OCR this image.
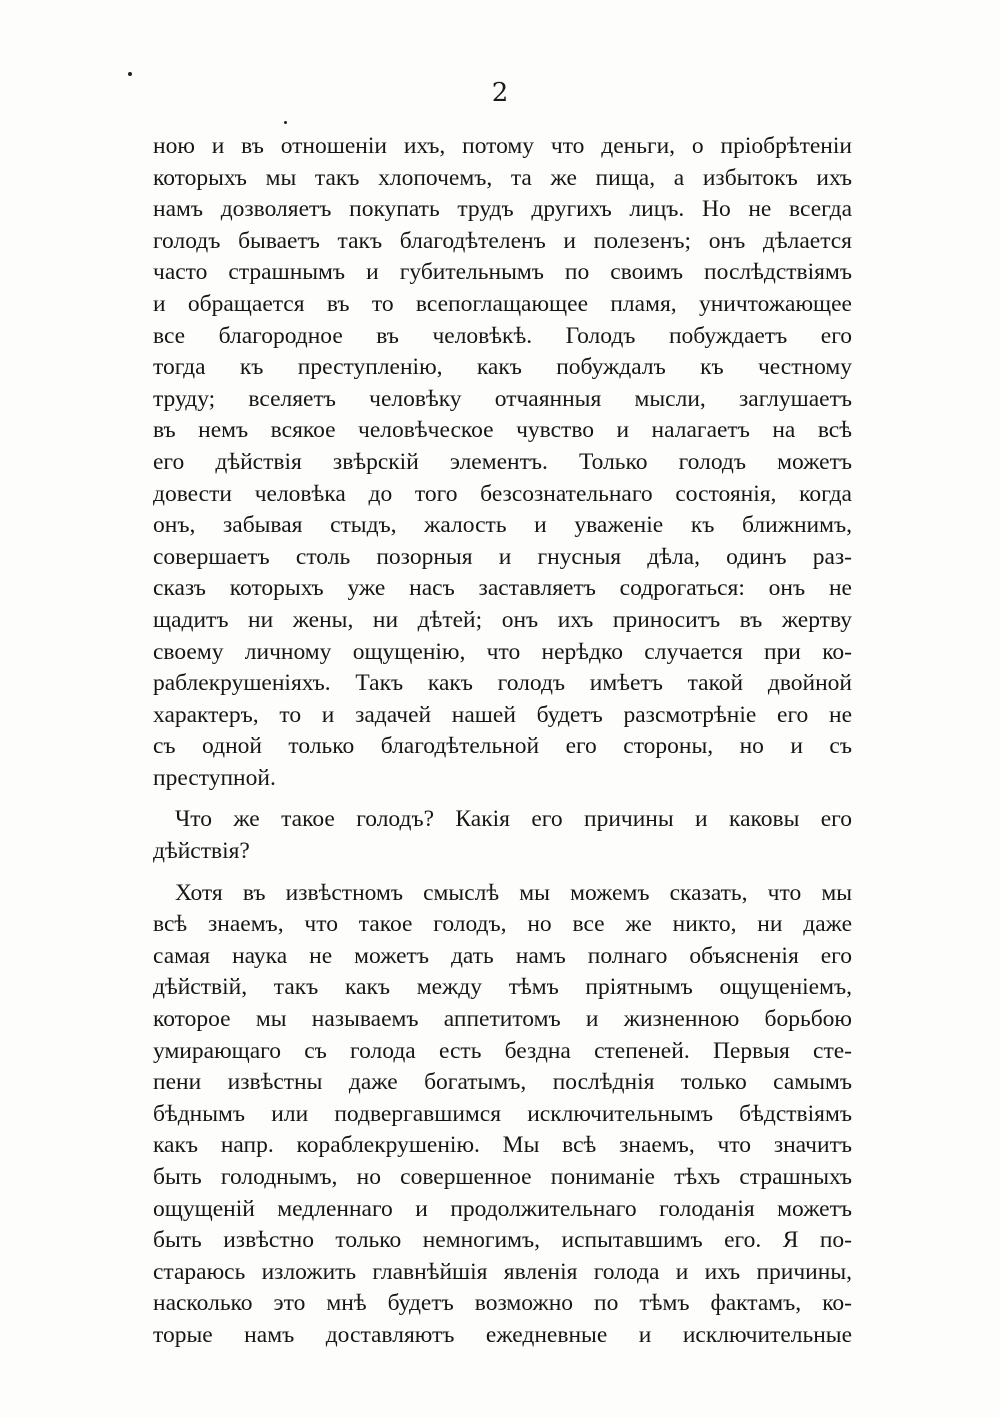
2
ною и въ отношеніи ихъ, потому что деньги, о пріобрѣтеніи
которыхъ мы такъ хлопочемъ, та же пища, а избытокъ ихъ
намъ дозволяетъ покупать трудъ другихъ лицъ. Но не всегда
голодъ бываетъ такъ благодѣтеленъ и полезенъ; онъ дѣлается
часто страшнымъ и губительнымъ по своимъ послѣдствіямъ
и обращается въ то всепоглащающее пламя, уничтожающее
все благородное въ человѣкѣ. Голодъ побуждаетъ его
тогда къ преступленію, какъ побуждалъ къ честному
труду; вселяетъ человѣку отчаянныя мысли, заглушаетъ
въ немъ всякое человѣческое чувство и налагаетъ на всѣ
его дѣйствія звѣрскій элементъ. Только голодъ можетъ
довести человѣка до того безсознательнаго состоянія, когда
онъ, забывая стыдъ, жалость и уваженіе къ ближнимъ,
совершаетъ столь позорныя и гнусныя дѣла, одинъ раз-
сказъ которыхъ уже насъ заставляетъ содрогаться: онъ не
щадитъ ни жены, ни дѣтей; онъ ихъ приноситъ въ жертву
своему личному ощущенію, что нерѣдко случается при ко-
раблекрушеніяхъ. Такъ какъ голодъ имѣетъ такой двойной
характеръ, то и задачей нашей будетъ разсмотрѣніе его не
съ одной только благодѣтельной его стороны, но и съ
преступной.
Что же такое голодъ? Какія его причины и каковы его
дѣйствія?
Хотя въ извѣстномъ смыслѣ мы можемъ сказать, что мы
всѣ знаемъ, что такое голодъ, но все же никто, ни даже
самая наука не можетъ дать намъ полнаго объясненія его
дѣйствій, такъ какъ между тѣмъ пріятнымъ ощущеніемъ,
которое мы называемъ аппетитомъ и жизненною борьбою
умирающаго съ голода есть бездна степеней. Первыя сте-
пени извѣстны даже богатымъ, послѣднія только самымъ
бѣднымъ или подвергавшимся исключительнымъ бѣдствіямъ
какъ напр. кораблекрушенію. Мы всѣ знаемъ, что значитъ
быть голоднымъ, но совершенное пониманіе тѣхъ страшныхъ
ощущеній медленнаго и продолжительнаго голоданія можетъ
быть извѣстно только немногимъ, испытавшимъ его. Я по-
стараюсь изложить главнѣйшія явленія голода и ихъ причины,
насколько это мнѣ будетъ возможно по тѣмъ фактамъ, ко-
торые намъ доставляютъ ежедневные и исключительные
